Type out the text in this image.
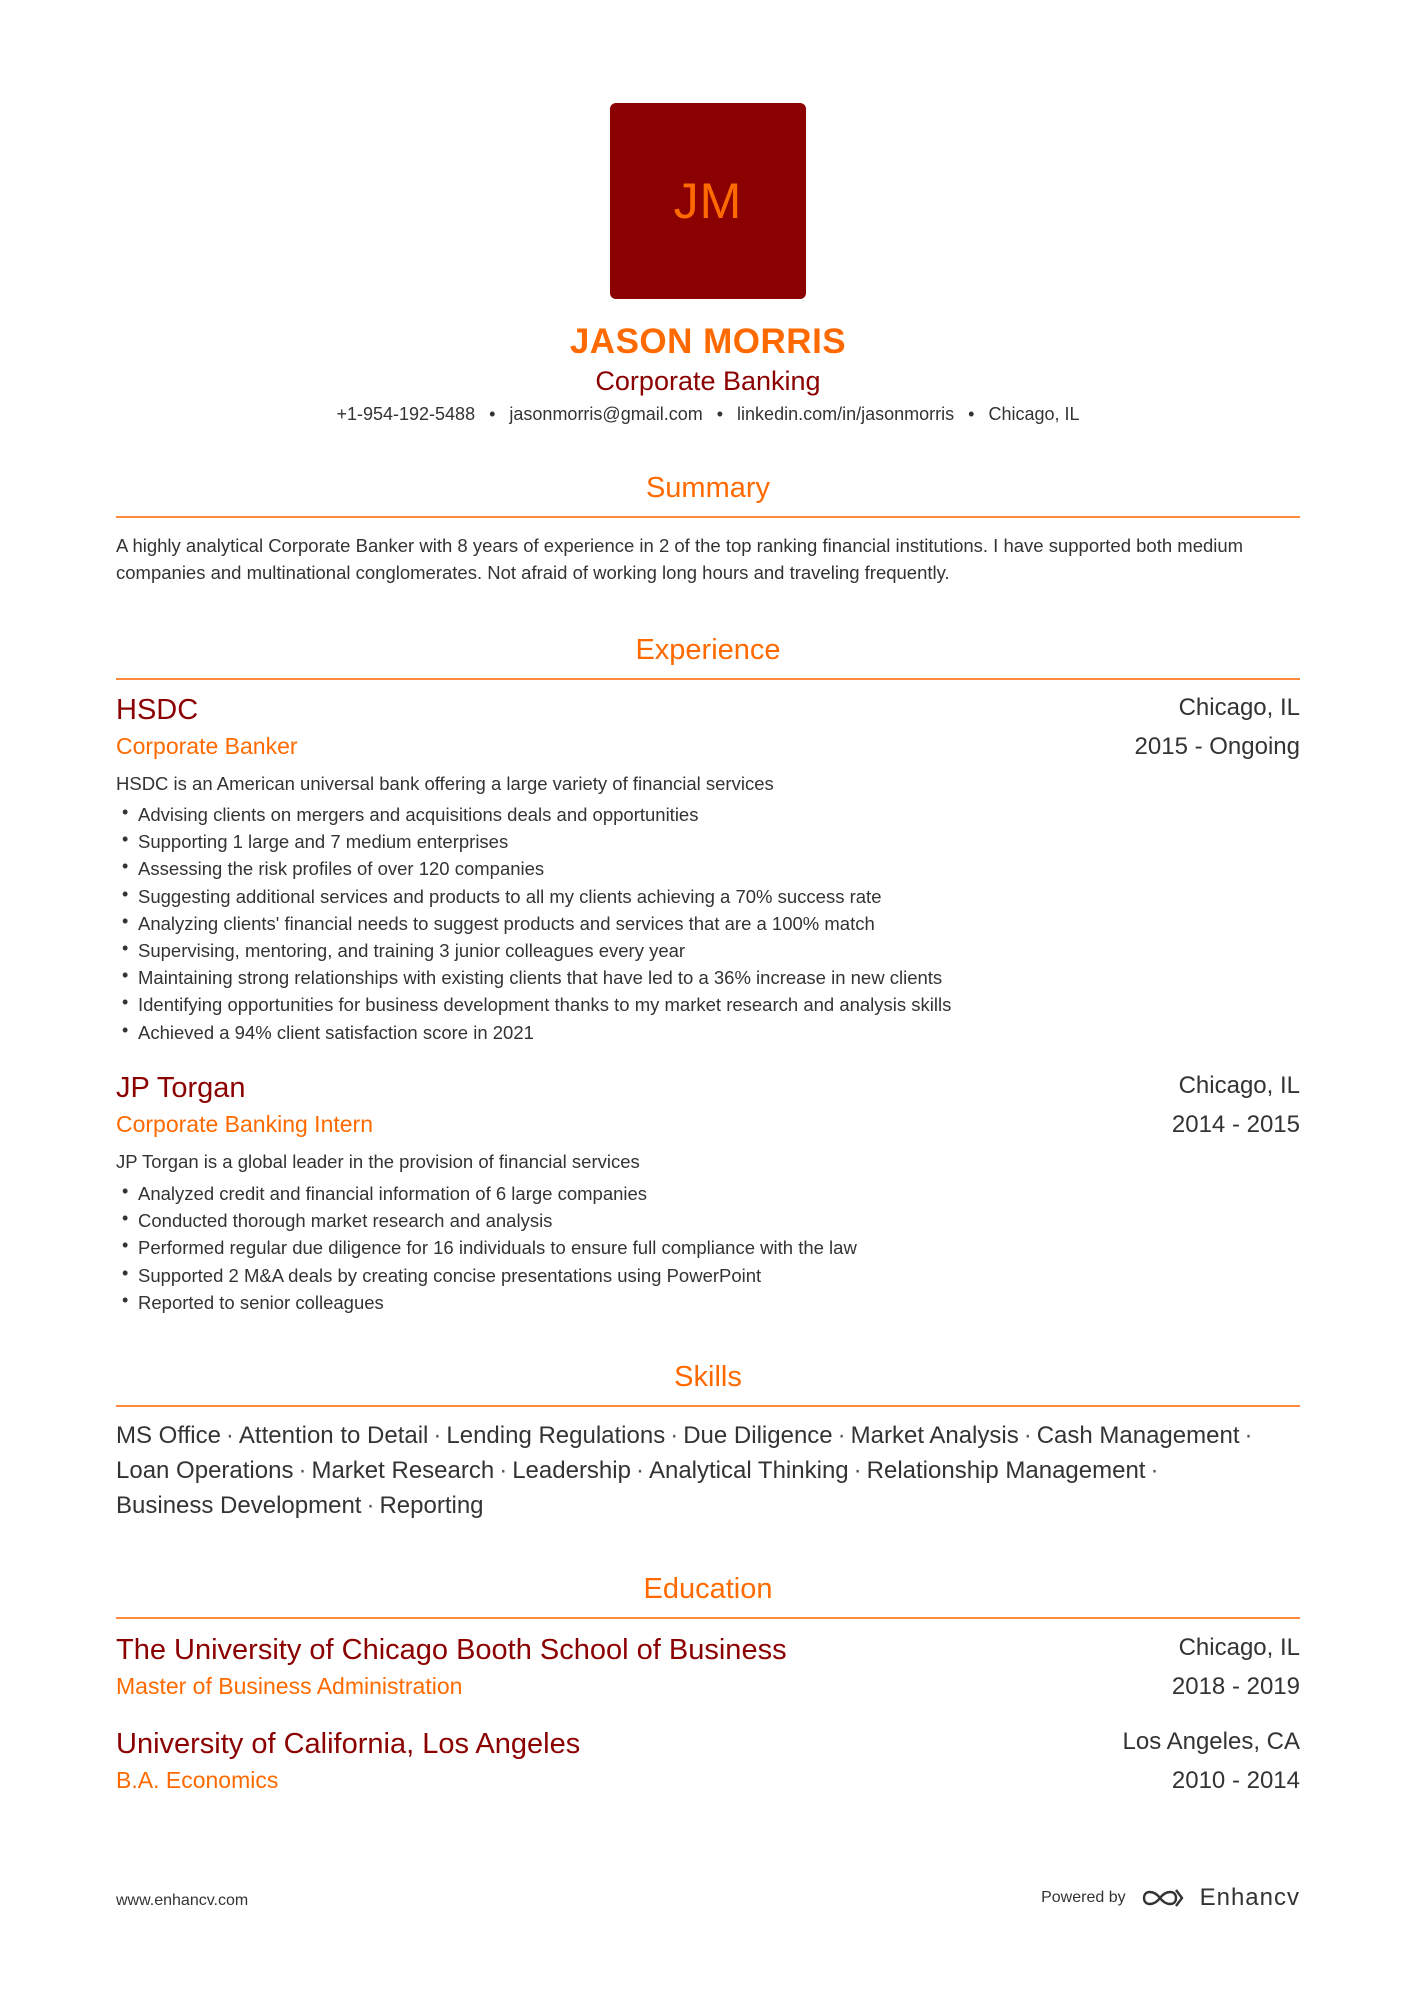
JM
JASON MORRIS
Corporate Banking
+1-954-192-5488 • jasonmorris@gmail.com • linkedin.com/in/jasonmorris • Chicago, IL
Summary
A highly analytical Corporate Banker with 8 years of experience in 2 of the top ranking financial institutions. I have supported both medium companies and multinational conglomerates. Not afraid of working long hours and traveling frequently.
Experience
HSDC	Chicago, IL
Corporate Banker	2015 - Ongoing
HSDC is an American universal bank offering a large variety of financial services
• Advising clients on mergers and acquisitions deals and opportunities
• Supporting 1 large and 7 medium enterprises
• Assessing the risk profiles of over 120 companies
• Suggesting additional services and products to all my clients achieving a 70% success rate
• Analyzing clients' financial needs to suggest products and services that are a 100% match
• Supervising, mentoring, and training 3 junior colleagues every year
• Maintaining strong relationships with existing clients that have led to a 36% increase in new clients
• Identifying opportunities for business development thanks to my market research and analysis skills
• Achieved a 94% client satisfaction score in 2021
JP Torgan	Chicago, IL
Corporate Banking Intern	2014 - 2015
JP Torgan is a global leader in the provision of financial services
• Analyzed credit and financial information of 6 large companies
• Conducted thorough market research and analysis
• Performed regular due diligence for 16 individuals to ensure full compliance with the law
• Supported 2 M&A deals by creating concise presentations using PowerPoint
• Reported to senior colleagues
Skills
MS Office · Attention to Detail · Lending Regulations · Due Diligence · Market Analysis · Cash Management ·
Loan Operations · Market Research · Leadership · Analytical Thinking · Relationship Management ·
Business Development · Reporting
Education
The University of Chicago Booth School of Business	Chicago, IL
Master of Business Administration	2018 - 2019
University of California, Los Angeles	Los Angeles, CA
B.A. Economics	2010 - 2014
www.enhancv.com	Powered by	Enhancv
